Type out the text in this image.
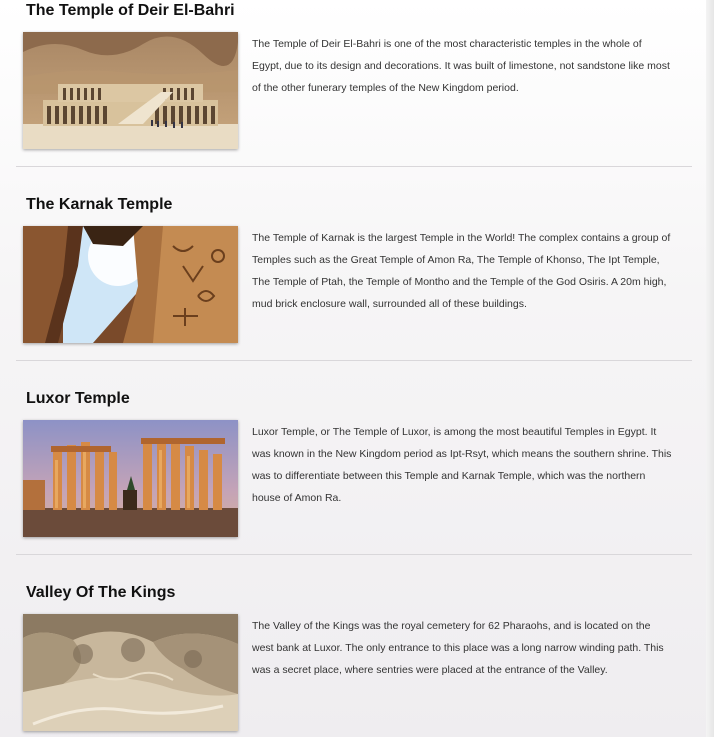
The Temple of Deir El-Bahri
The Temple of Deir El-Bahri is one of the most characteristic temples in the whole of Egypt, due to its design and decorations. It was built of limestone, not sandstone like most of the other funerary temples of the New Kingdom period.
The Karnak Temple
The Temple of Karnak is the largest Temple in the World! The complex contains a group of Temples such as the Great Temple of Amon Ra, The Temple of Khonso, The Ipt Temple, The Temple of Ptah, the Temple of Montho and the Temple of the God Osiris. A 20m high, mud brick enclosure wall, surrounded all of these buildings.
Luxor Temple
Luxor Temple, or The Temple of Luxor, is among the most beautiful Temples in Egypt. It was known in the New Kingdom period as Ipt-Rsyt, which means the southern shrine. This was to differentiate between this Temple and Karnak Temple, which was the northern house of Amon Ra.
Valley Of The Kings
The Valley of the Kings was the royal cemetery for 62 Pharaohs, and is located on the west bank at Luxor. The only entrance to this place was a long narrow winding path. This was a secret place, where sentries were placed at the entrance of the Valley.
